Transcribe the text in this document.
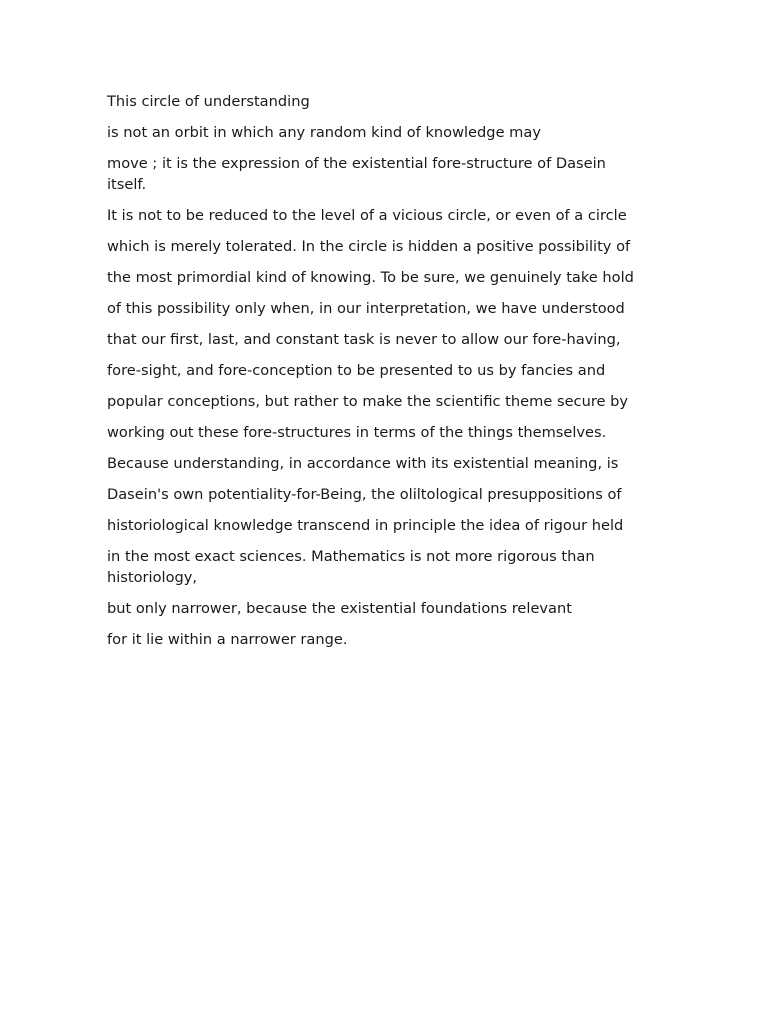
This circle of understanding

is not an orbit in which any random kind of knowledge may

move ; it is the expression of the existential fore-structure of Dasein itself.

It is not to be reduced to the level of a vicious circle, or even of a circle

which is merely tolerated. In the circle is hidden a positive possibility of

the most primordial kind of knowing. To be sure, we genuinely take hold

of this possibility only when, in our interpretation, we have understood

that our first, last, and constant task is never to allow our fore-having,

fore-sight, and fore-conception to be presented to us by fancies and

popular conceptions, but rather to make the scientific theme secure by

working out these fore-structures in terms of the things themselves.

Because understanding, in accordance with its existential meaning, is

Dasein's own potentiality-for-Being, the oliltological presuppositions of

historiological knowledge transcend in principle the idea of rigour held

in the most exact sciences. Mathematics is not more rigorous than historiology,

but only narrower, because the existential foundations relevant

for it lie within a narrower range.
